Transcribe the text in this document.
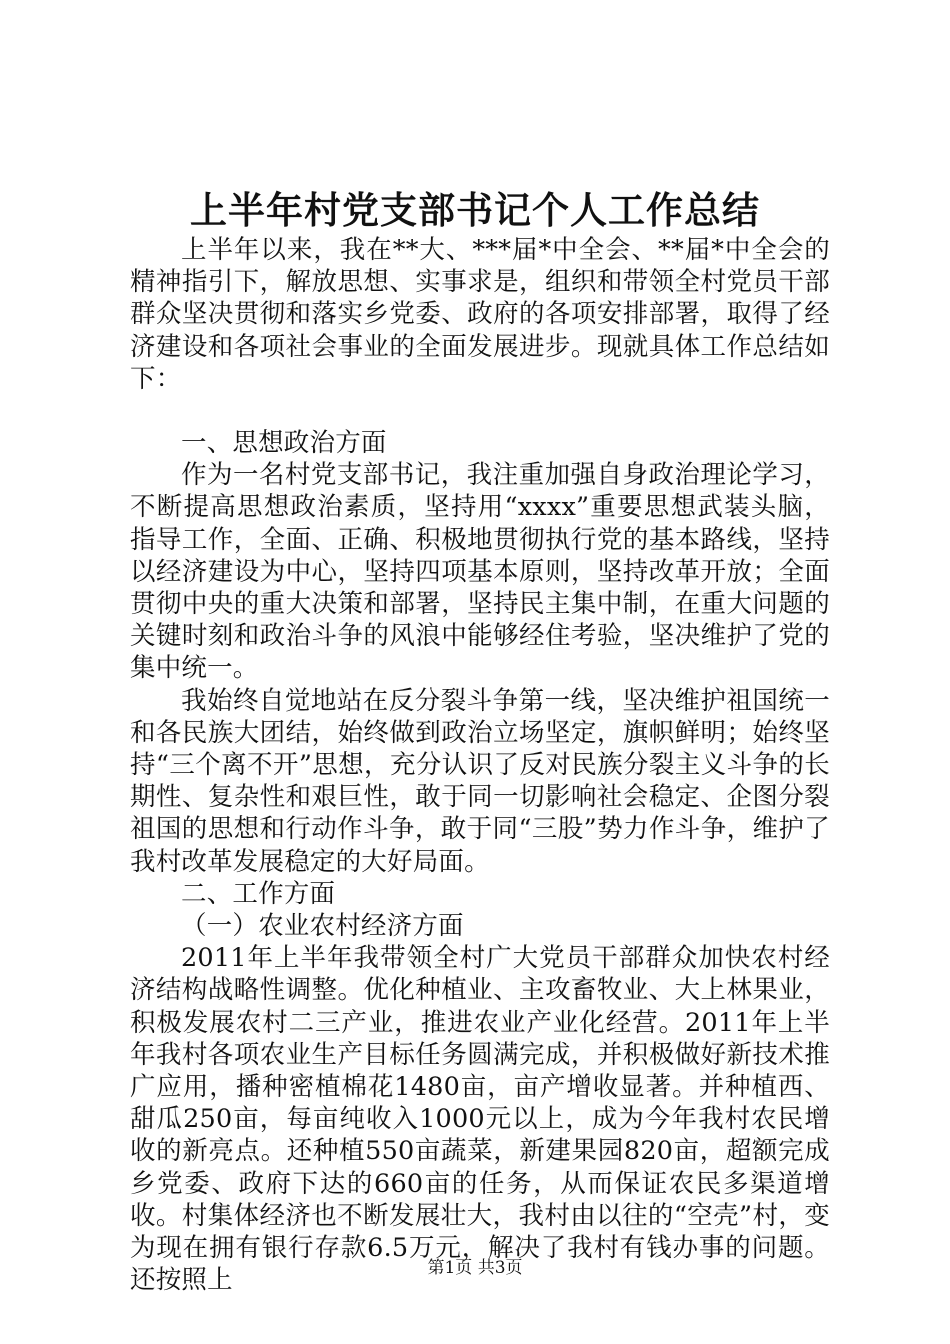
上半年村党支部书记个人工作总结

上半年以来，我在**大、***届*中全会、**届*中全会的精神指引下，解放思想、实事求是，组织和带领全村党员干部群众坚决贯彻和落实乡党委、政府的各项安排部署，取得了经济建设和各项社会事业的全面发展进步。现就具体工作总结如下：

一、思想政治方面

作为一名村党支部书记，我注重加强自身政治理论学习，不断提高思想政治素质，坚持用“xxxx”重要思想武装头脑，指导工作，全面、正确、积极地贯彻执行党的基本路线，坚持以经济建设为中心，坚持四项基本原则，坚持改革开放；全面贯彻中央的重大决策和部署，坚持民主集中制，在重大问题的关键时刻和政治斗争的风浪中能够经住考验，坚决维护了党的集中统一。

我始终自觉地站在反分裂斗争第一线，坚决维护祖国统一和各民族大团结，始终做到政治立场坚定，旗帜鲜明；始终坚持“三个离不开”思想，充分认识了反对民族分裂主义斗争的长期性、复杂性和艰巨性，敢于同一切影响社会稳定、企图分裂祖国的思想和行动作斗争，敢于同“三股”势力作斗争，维护了我村改革发展稳定的大好局面。

二、工作方面

（一）农业农村经济方面

2011年上半年我带领全村广大党员干部群众加快农村经济结构战略性调整。优化种植业、主攻畜牧业、大上林果业，积极发展农村二三产业，推进农业产业化经营。2011年上半年我村各项农业生产目标任务圆满完成，并积极做好新技术推广应用，播种密植棉花1480亩，亩产增收显著。并种植西、甜瓜250亩，每亩纯收入1000元以上，成为今年我村农民增收的新亮点。还种植550亩蔬菜，新建果园820亩，超额完成乡党委、政府下达的660亩的任务，从而保证农民多渠道增收。村集体经济也不断发展壮大，我村由以往的“空壳”村，变为现在拥有银行存款6.5万元，解决了我村有钱办事的问题。还按照上	第1页 共3页
